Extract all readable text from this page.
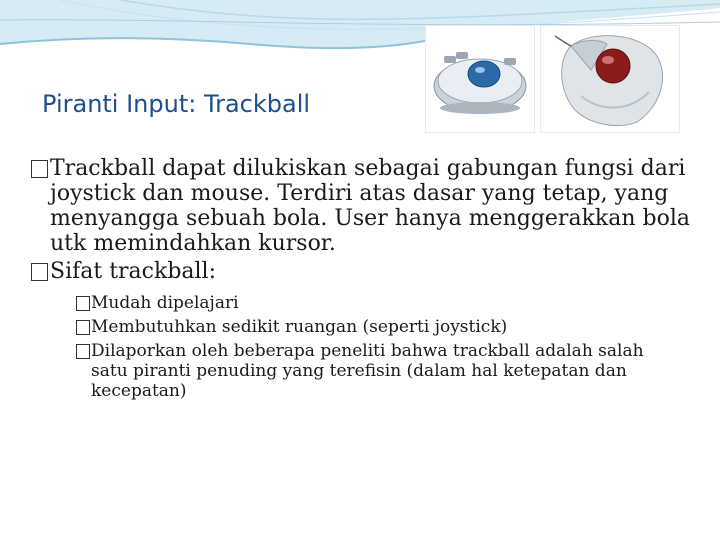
Piranti Input: Trackball
Trackball dapat dilukiskan sebagai gabungan fungsi dari joystick dan mouse. Terdiri atas dasar yang tetap, yang menyangga sebuah bola. User hanya menggerakkan bola utk memindahkan kursor.
Sifat trackball:
Mudah dipelajari
Membutuhkan sedikit ruangan (seperti joystick)
Dilaporkan oleh beberapa peneliti bahwa trackball adalah salah satu piranti penuding yang terefisin (dalam hal ketepatan dan kecepatan)
